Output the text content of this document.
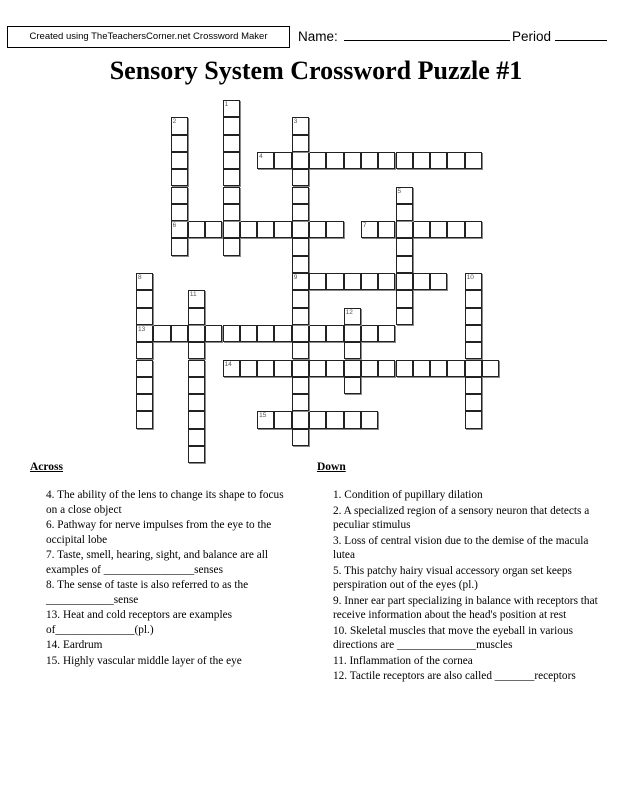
Created using TheTeachersCorner.net Crossword Maker	Name:	Period
Sensory System Crossword Puzzle #1
4
6	7
13
14
15
1
2	3
9
5
10
11
12
8
Across	Down
4. The ability of the lens to change its shape to focus on a close object
6. Pathway for nerve impulses from the eye to the occipital lobe
7. Taste, smell, hearing, sight, and balance are all examples of ________________senses
8. The sense of taste is also referred to as the ____________sense
13. Heat and cold receptors are examples of______________(pl.)
14. Eardrum
15. Highly vascular middle layer of the eye
1. Condition of pupillary dilation
2. A specialized region of a sensory neuron that detects a peculiar stimulus
3. Loss of central vision due to the demise of the macula lutea
5. This patchy hairy visual accessory organ set keeps perspiration out of the eyes (pl.)
9. Inner ear part specializing in balance with receptors that receive information about the head's position at rest
10. Skeletal muscles that move the eyeball in various directions are ______________muscles
11. Inflammation of the cornea
12. Tactile receptors are also called _______receptors
